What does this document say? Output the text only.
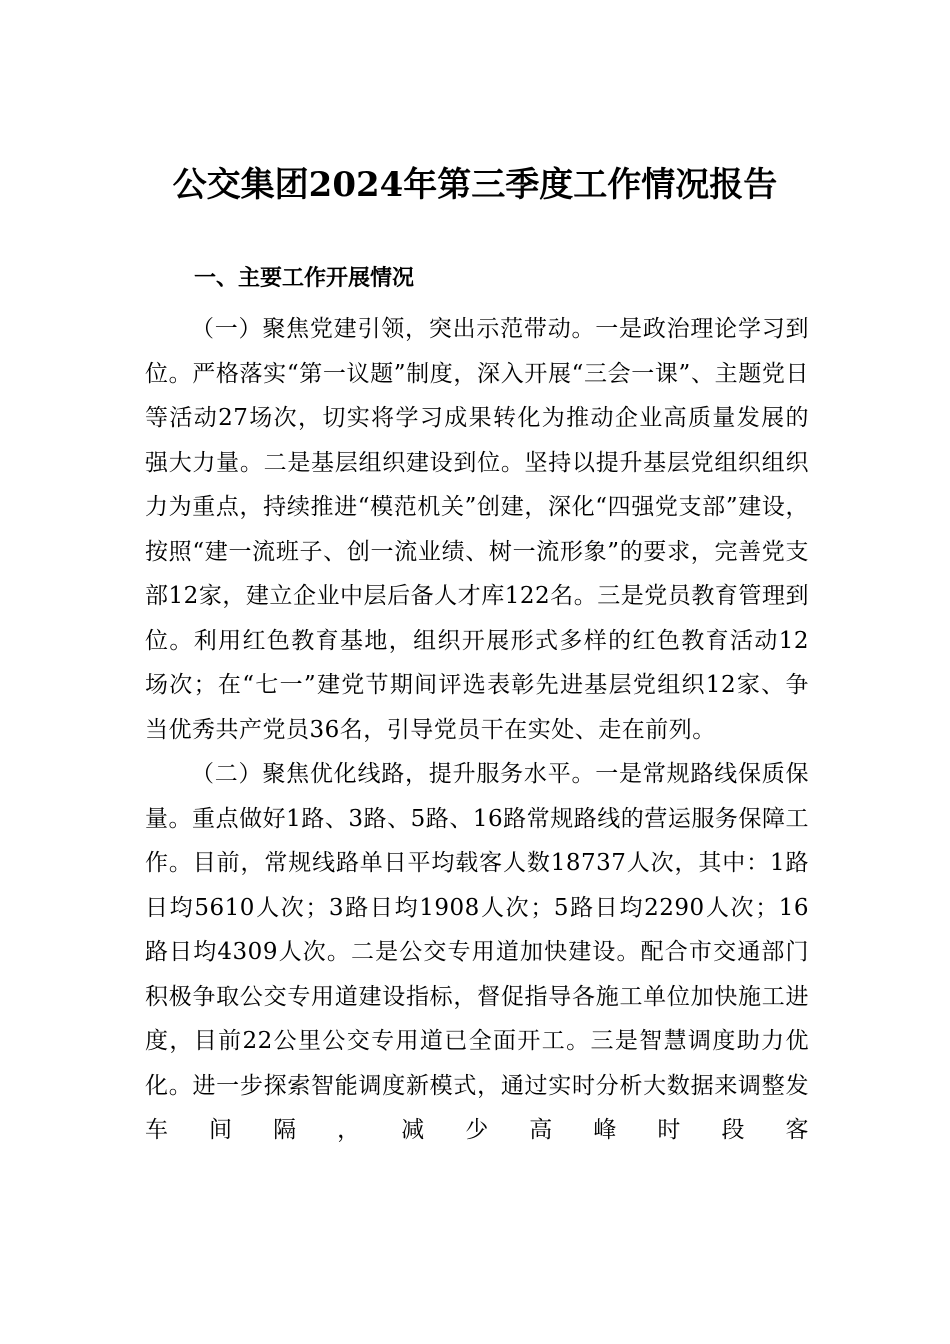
公交集团2024年第三季度工作情况报告
一、主要工作开展情况

（一）聚焦党建引领，突出示范带动。一是政治理论学习到位。严格落实“第一议题”制度，深入开展“三会一课”、主题党日等活动27场次，切实将学习成果转化为推动企业高质量发展的强大力量。二是基层组织建设到位。坚持以提升基层党组织组织力为重点，持续推进“模范机关”创建，深化“四强党支部”建设，按照“建一流班子、创一流业绩、树一流形象”的要求，完善党支部12家，建立企业中层后备人才库122名。三是党员教育管理到位。利用红色教育基地，组织开展形式多样的红色教育活动12场次；在“七一”建党节期间评选表彰先进基层党组织12家、争当优秀共产党员36名，引导党员干在实处、走在前列。

（二）聚焦优化线路，提升服务水平。一是常规路线保质保量。重点做好1路、3路、5路、16路常规路线的营运服务保障工作。目前，常规线路单日平均载客人数18737人次，其中：1路日均5610人次；3路日均1908人次；5路日均2290人次；16路日均4309人次。二是公交专用道加快建设。配合市交通部门积极争取公交专用道建设指标，督促指导各施工单位加快施工进度，目前22公里公交专用道已全面开工。三是智慧调度助力优化。进一步探索智能调度新模式，通过实时分析大数据来调整发车间隔，减少高峰时段客
